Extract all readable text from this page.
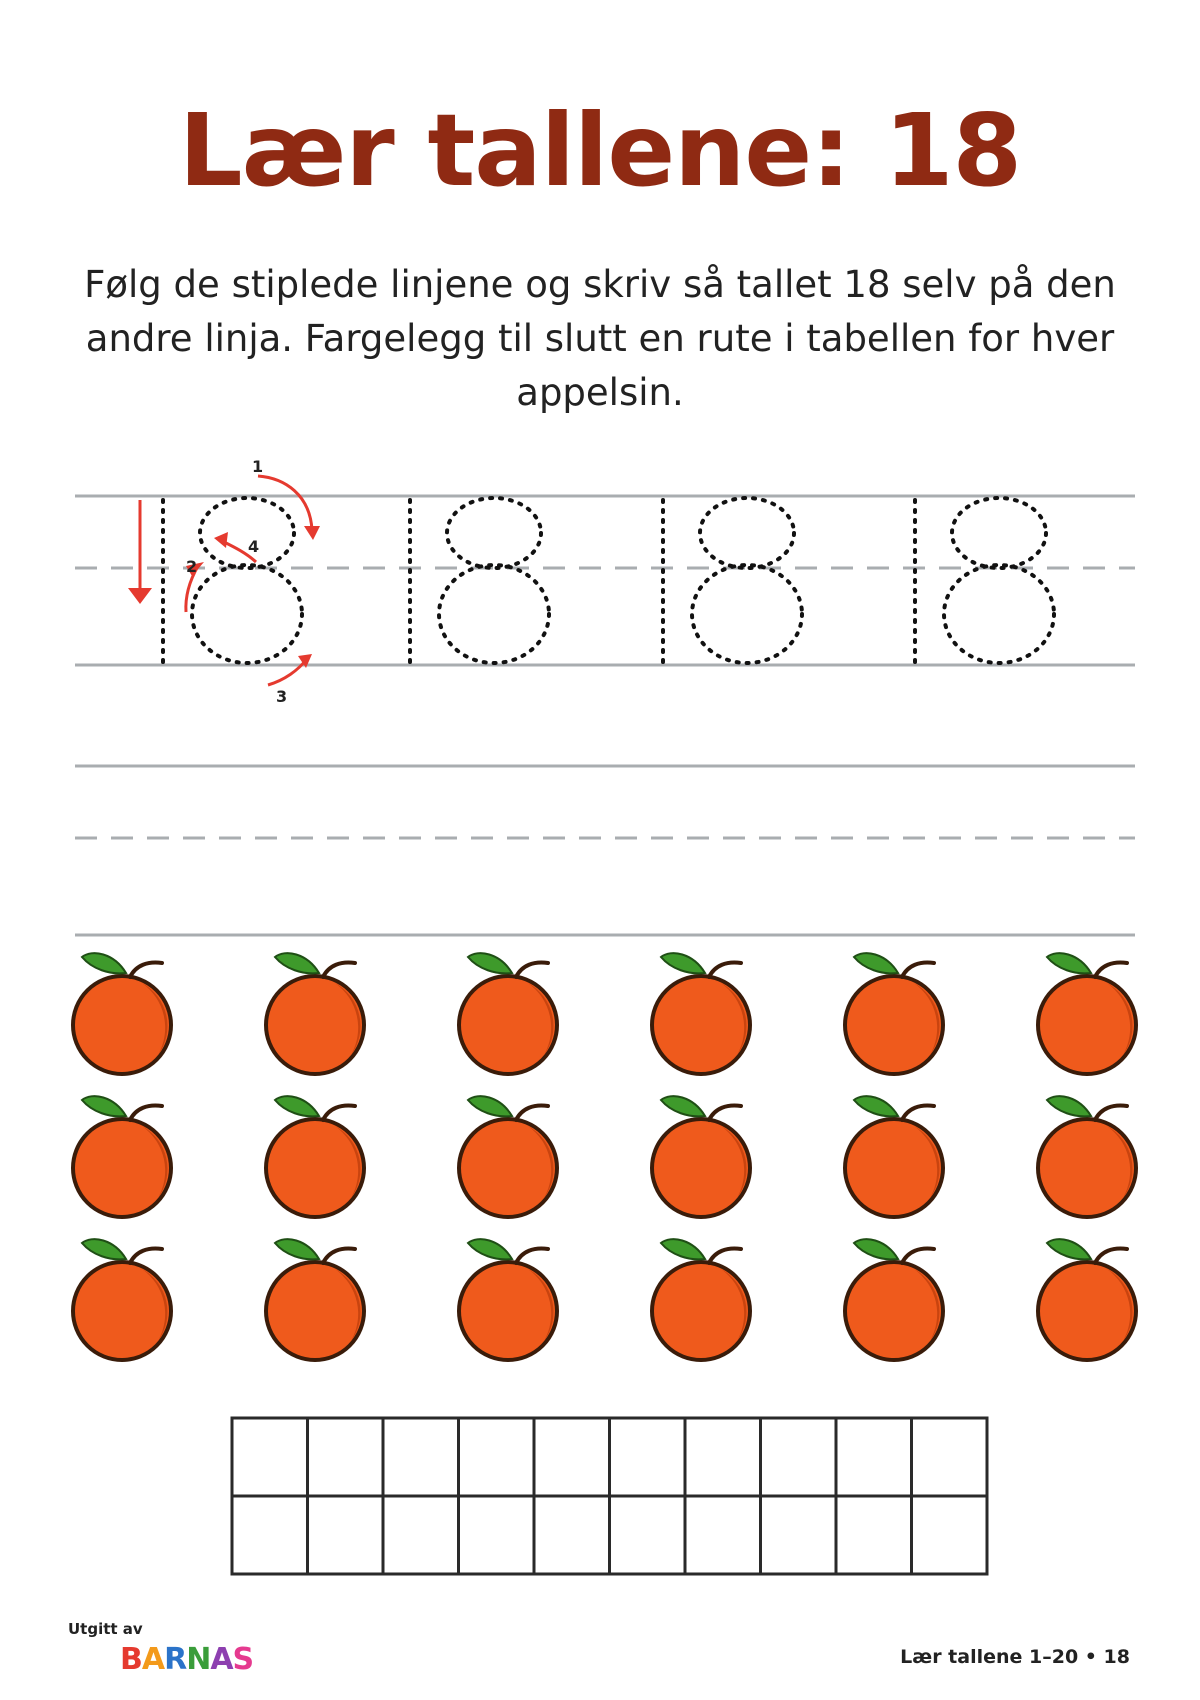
Lær tallene: 18

Følg de stiplede linjene og skriv så tallet 18 selv på den andre linja. Fargelegg til slutt en rute i tabellen for hver appelsin.

1
2
3
4
Utgitt av
BARNAS	Lær tallene 1–20 • 18
